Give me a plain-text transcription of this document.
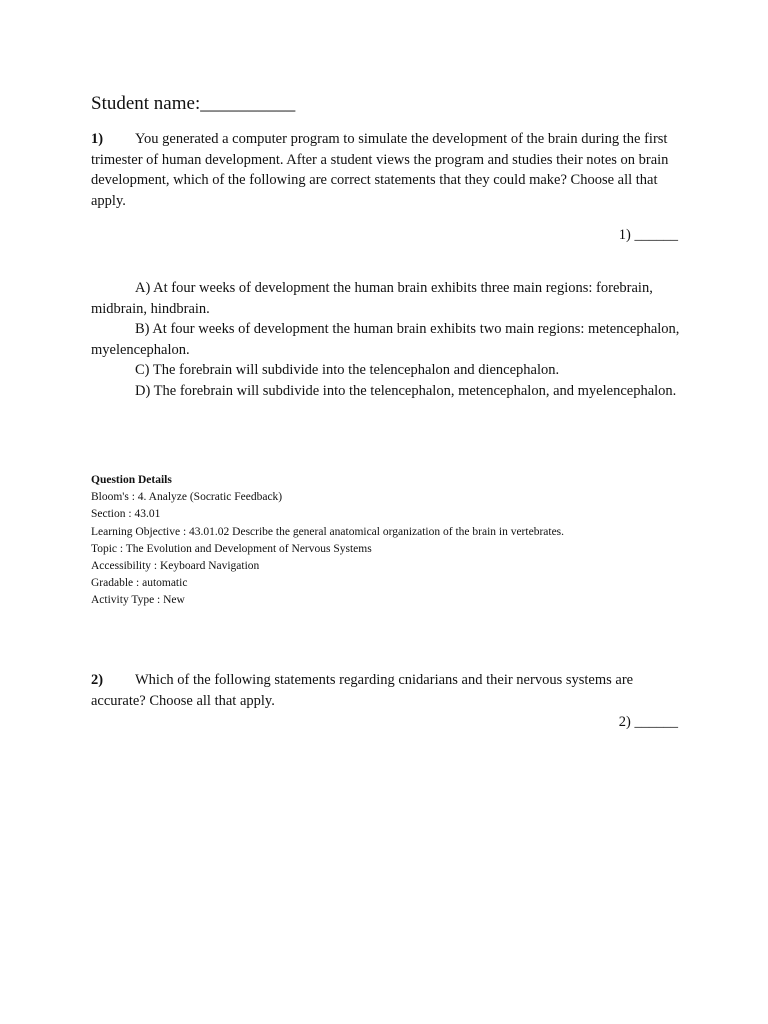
Student name:__________
1) You generated a computer program to simulate the development of the brain during the first trimester of human development. After a student views the program and studies their notes on brain development, which of the following are correct statements that they could make? Choose all that apply.
1) ______

A) At four weeks of development the human brain exhibits three main regions: forebrain, midbrain, hindbrain.

B) At four weeks of development the human brain exhibits two main regions: metencephalon, myelencephalon.

C) The forebrain will subdivide into the telencephalon and diencephalon.

D) The forebrain will subdivide into the telencephalon, metencephalon, and myelencephalon.

Question Details
Bloom's : 4. Analyze (Socratic Feedback)
Section : 43.01
Learning Objective : 43.01.02 Describe the general anatomical organization of the brain in vertebrates.
Topic : The Evolution and Development of Nervous Systems
Accessibility : Keyboard Navigation
Gradable : automatic
Activity Type : New
2) Which of the following statements regarding cnidarians and their nervous systems are accurate? Choose all that apply.
2) ______
